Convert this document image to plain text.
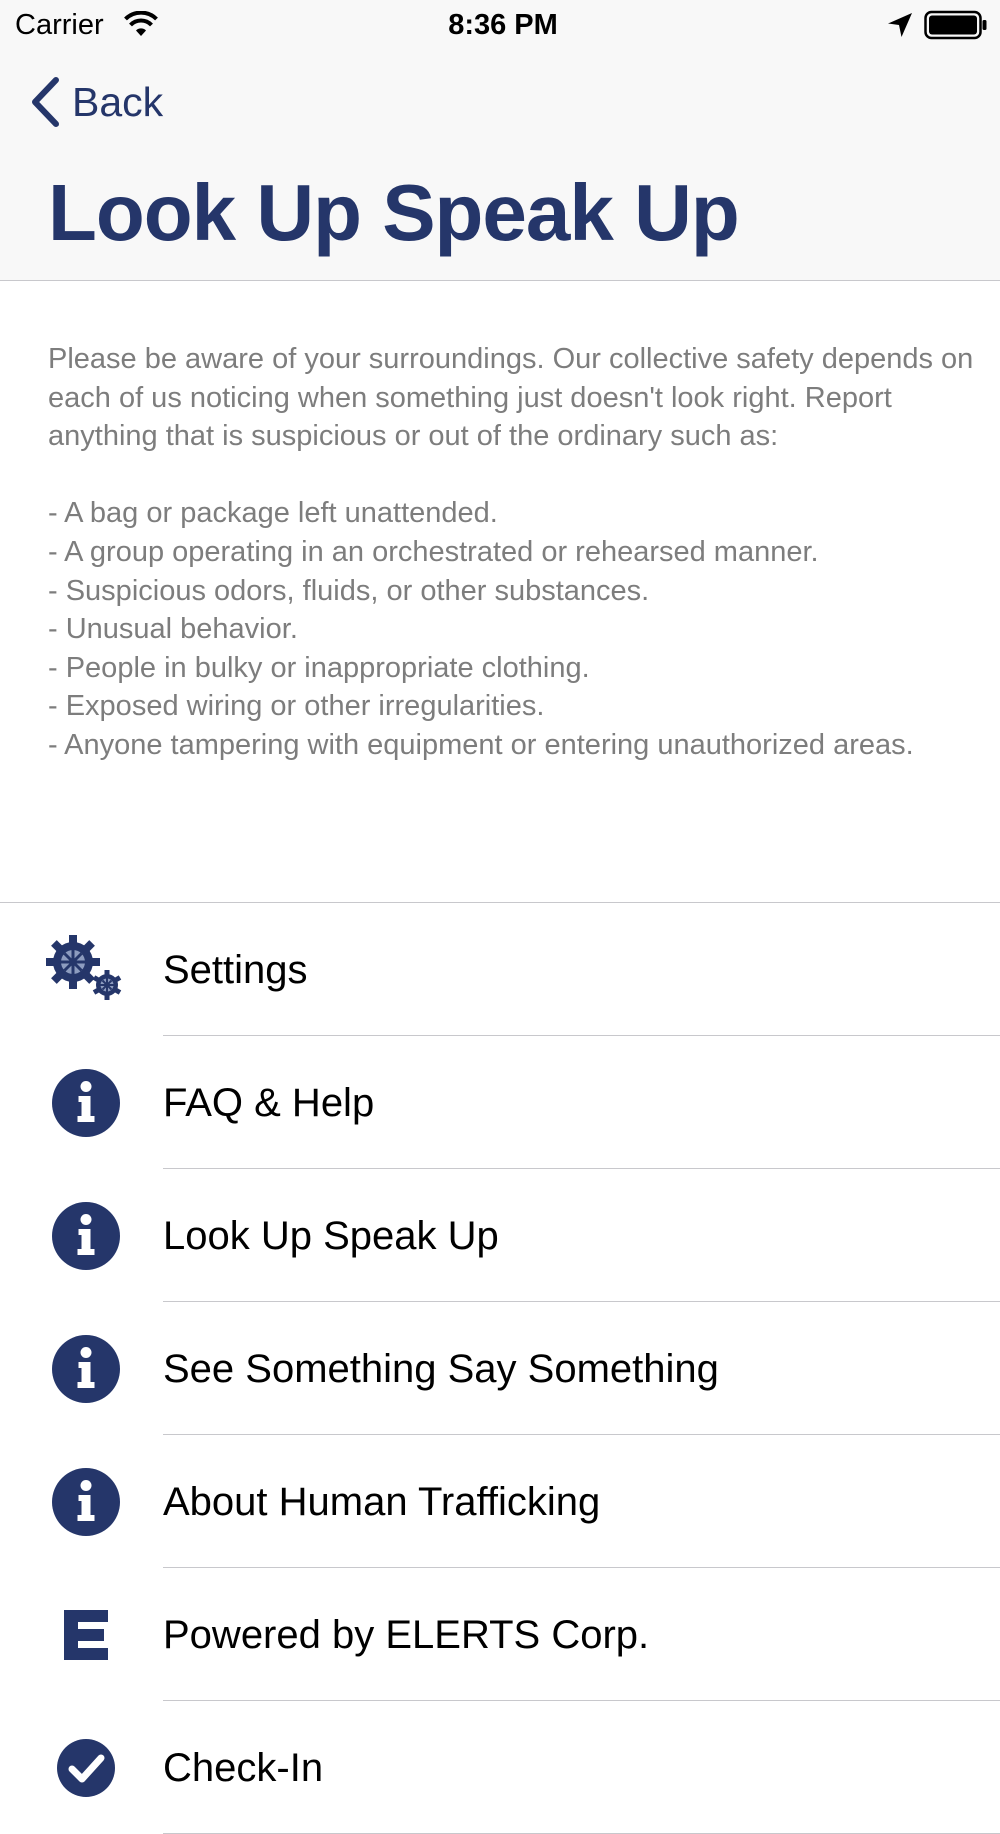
Carrier	8:36 PM
Back
Look Up Speak Up

Please be aware of your surroundings. Our collective safety depends on each of us noticing when something just doesn't look right. Report anything that is suspicious or out of the ordinary such as:
- A bag or package left unattended.
- A group operating in an orchestrated or rehearsed manner.
- Suspicious odors, fluids, or other substances.
- Unusual behavior.
- People in bulky or inappropriate clothing.
- Exposed wiring or other irregularities.
- Anyone tampering with equipment or entering unauthorized areas.

Settings
FAQ & Help
Look Up Speak Up
See Something Say Something
About Human Trafficking
Powered by ELERTS Corp.
Check-In
